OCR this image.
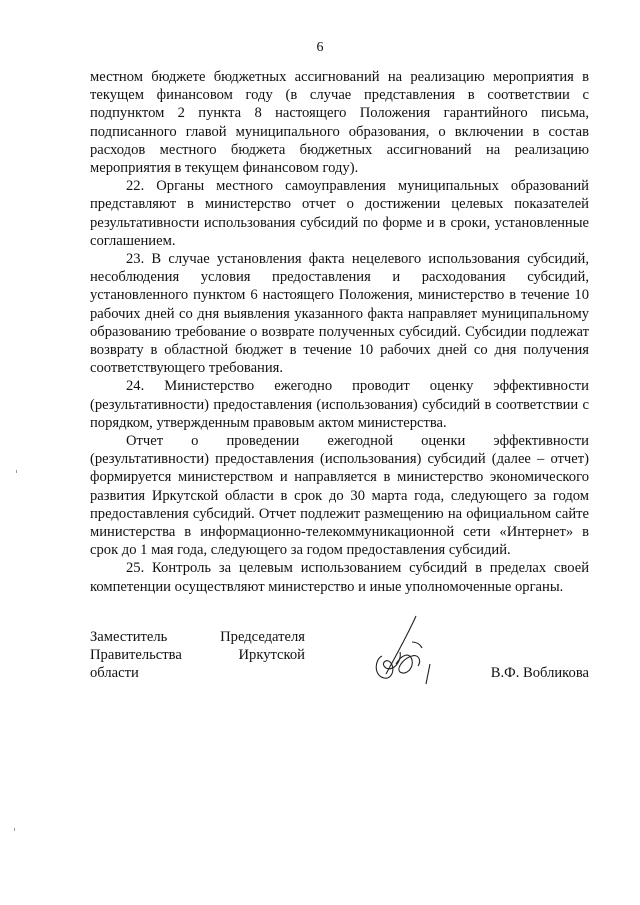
6

местном бюджете бюджетных ассигнований на реализацию мероприятия в текущем финансовом году (в случае представления в соответствии с подпунктом 2 пункта 8 настоящего Положения гарантийного письма, подписанного главой муниципального образования, о включении в состав расходов местного бюджета бюджетных ассигнований на реализацию мероприятия в текущем финансовом году).

22. Органы местного самоуправления муниципальных образований представляют в министерство отчет о достижении целевых показателей результативности использования субсидий по форме и в сроки, установленные соглашением.

23. В случае установления факта нецелевого использования субсидий, несоблюдения условия предоставления и расходования субсидий, установленного пунктом 6 настоящего Положения, министерство в течение 10 рабочих дней со дня выявления указанного факта направляет муниципальному образованию требование о возврате полученных субсидий. Субсидии подлежат возврату в областной бюджет в течение 10 рабочих дней со дня получения соответствующего требования.

24. Министерство ежегодно проводит оценку эффективности (результативности) предоставления (использования) субсидий в соответствии с порядком, утвержденным правовым актом министерства.

Отчет о проведении ежегодной оценки эффективности (результативности) предоставления (использования) субсидий (далее – отчет) формируется министерством и направляется в министерство экономического развития Иркутской области в срок до 30 марта года, следующего за годом предоставления субсидий. Отчет подлежит размещению на официальном сайте министерства в информационно-телекоммуникационной сети «Интернет» в срок до 1 мая года, следующего за годом предоставления субсидий.

25. Контроль за целевым использованием субсидий в пределах своей компетенции осуществляют министерство и иные уполномоченные органы.

Заместитель	Председателя
Правительства	Иркутской
области	В.Ф. Вобликова
